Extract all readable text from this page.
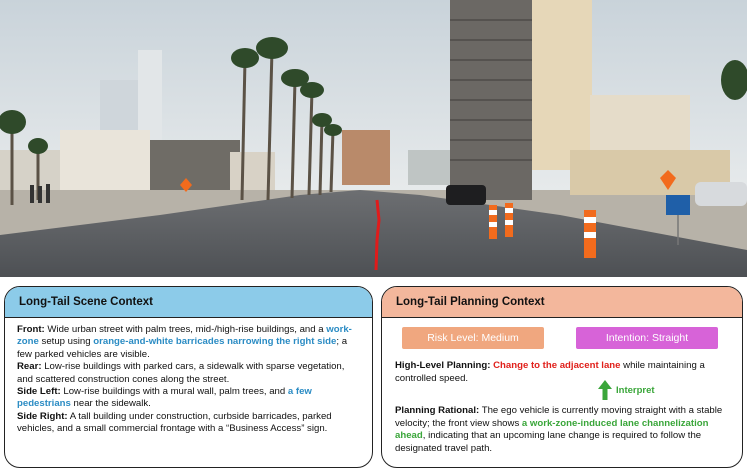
Long-Tail Scene Context

Front: Wide urban street with palm trees, mid-/high-rise buildings, and a work-zone setup using orange-and-white barricades narrowing the right side; a few parked vehicles are visible.

Rear: Low-rise buildings with parked cars, a sidewalk with sparse vegetation, and scattered construction cones along the street.

Side Left: Low-rise buildings with a mural wall, palm trees, and a few pedestrians near the sidewalk.

Side Right: A tall building under construction, curbside barricades, parked vehicles, and a small commercial frontage with a “Business Access” sign.

Long-Tail Planning Context
Risk Level: Medium	Intention: Straight
High-Level Planning: Change to the adjacent lane while maintaining a controlled speed.
Interpret
Planning Rational: The ego vehicle is currently moving straight with a stable velocity; the front view shows a work-zone-induced lane channelization ahead, indicating that an upcoming lane change is required to follow the designated travel path.
